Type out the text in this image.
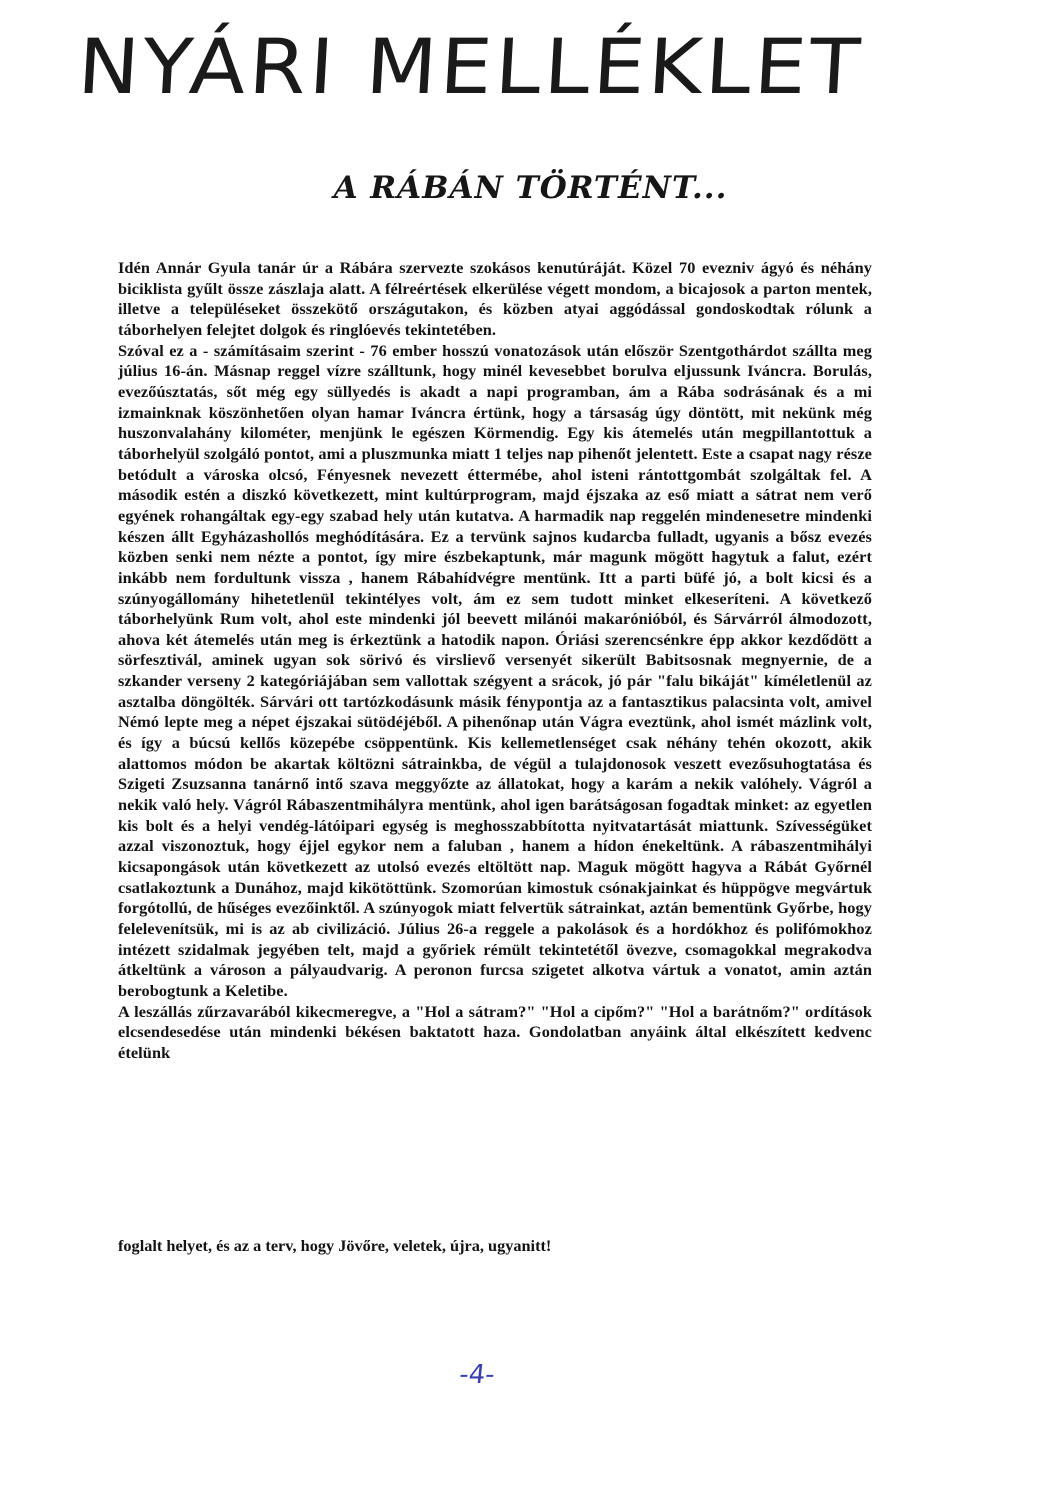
NYÁRI MELLÉKLET
A RÁBÁN TÖRTÉNT...

Idén Annár Gyula tanár úr a Rábára szervezte szokásos kenutúráját. Közel 70 evezniv ágyó és néhány biciklista gyűlt össze zászlaja alatt. A félreértések elkerülése végett mondom, a bicajosok a parton mentek, illetve a településeket összekötő országutakon, és közben atyai aggódással gondoskodtak rólunk a táborhelyen felejtet dolgok és ringlóevés tekintetében.

Szóval ez a - számításaim szerint - 76 ember hosszú vonatozások után először Szentgothárdot szállta meg július 16-án. Másnap reggel vízre szálltunk, hogy minél kevesebbet borulva eljussunk Iváncra. Borulás, evezőúsztatás, sőt még egy süllyedés is akadt a napi programban, ám a Rába sodrásának és a mi izmainknak köszönhetően olyan hamar Iváncra értünk, hogy a társaság úgy döntött, mit nekünk még huszonvalahány kilométer, menjünk le egészen Körmendig. Egy kis átemelés után megpillantottuk a táborhelyül szolgáló pontot, ami a pluszmunka miatt 1 teljes nap pihenőt jelentett. Este a csapat nagy része betódult a városka olcsó, Fényesnek nevezett éttermébe, ahol isteni rántottgombát szolgáltak fel. A második estén a diszkó következett, mint kultúrprogram, majd éjszaka az eső miatt a sátrat nem verő egyének rohangáltak egy-egy szabad hely után kutatva. A harmadik nap reggelén mindenesetre mindenki készen állt Egyházashollós meghódítására. Ez a tervünk sajnos kudarcba fulladt, ugyanis a bősz evezés közben senki nem nézte a pontot, így mire észbekaptunk, már magunk mögött hagytuk a falut, ezért inkább nem fordultunk vissza , hanem Rábahídvégre mentünk. Itt a parti büfé jó, a bolt kicsi és a szúnyogállomány hihetetlenül tekintélyes volt, ám ez sem tudott minket elkeseríteni. A következő táborhelyünk Rum volt, ahol este mindenki jól beevett milánói makarónióból, és Sárvárról álmodozott, ahova két átemelés után meg is érkeztünk a hatodik napon. Óriási szerencsénkre épp akkor kezdődött a sörfesztivál, aminek ugyan sok sörivó és virslievő versenyét sikerült Babitsosnak megnyernie, de a szkander verseny 2 kategóriájában sem vallottak szégyent a srácok, jó pár "falu bikáját" kíméletlenül az asztalba döngölték. Sárvári ott tartózkodásunk másik fénypontja az a fantasztikus palacsinta volt, amivel Némó lepte meg a népet éjszakai sütödéjéből. A pihenőnap után Vágra eveztünk, ahol ismét mázlink volt, és így a búcsú kellős közepébe csöppentünk. Kis kellemetlenséget csak néhány tehén okozott, akik alattomos módon be akartak költözni sátrainkba, de végül a tulajdonosok veszett evezősuhogtatása és Szigeti Zsuzsanna tanárnő intő szava meggyőzte az állatokat, hogy a karám a nekik valóhely. Vágról a nekik való hely. Vágról Rábaszentmihályra mentünk, ahol igen barátságosan fogadtak minket: az egyetlen kis bolt és a helyi vendég-látóipari egység is meghosszabbította nyitvatartását miattunk. Szívességüket azzal viszonoztuk, hogy éjjel egykor nem a faluban , hanem a hídon énekeltünk. A rábaszentmihályi kicsapongások után következett az utolsó evezés eltöltött nap. Maguk mögött hagyva a Rábát Győrnél csatlakoztunk a Dunához, majd kikötöttünk. Szomorúan kimostuk csónakjainkat és hüppögve megvártuk forgótollú, de hűséges evezőinktől. A szúnyogok miatt felvertük sátrainkat, aztán bementünk Győrbe, hogy felelevenítsük, mi is az ab civilizáció. Július 26-a reggele a pakolások és a hordókhoz és polifómokhoz intézett szidalmak jegyében telt, majd a győriek rémült tekintetétől övezve, csomagokkal megrakodva átkeltünk a városon a pályaudvarig. A peronon furcsa szigetet alkotva vártuk a vonatot, amin aztán berobogtunk a Keletibe.

A leszállás zűrzavarából kikecmeregve, a "Hol a sátram?" "Hol a cipőm?" "Hol a barátnőm?" ordítások elcsendesedése után mindenki békésen baktatott haza. Gondolatban anyáink által elkészített kedvenc ételünk

foglalt helyet, és az a terv, hogy Jövőre, veletek, újra, ugyanitt!

-4-
